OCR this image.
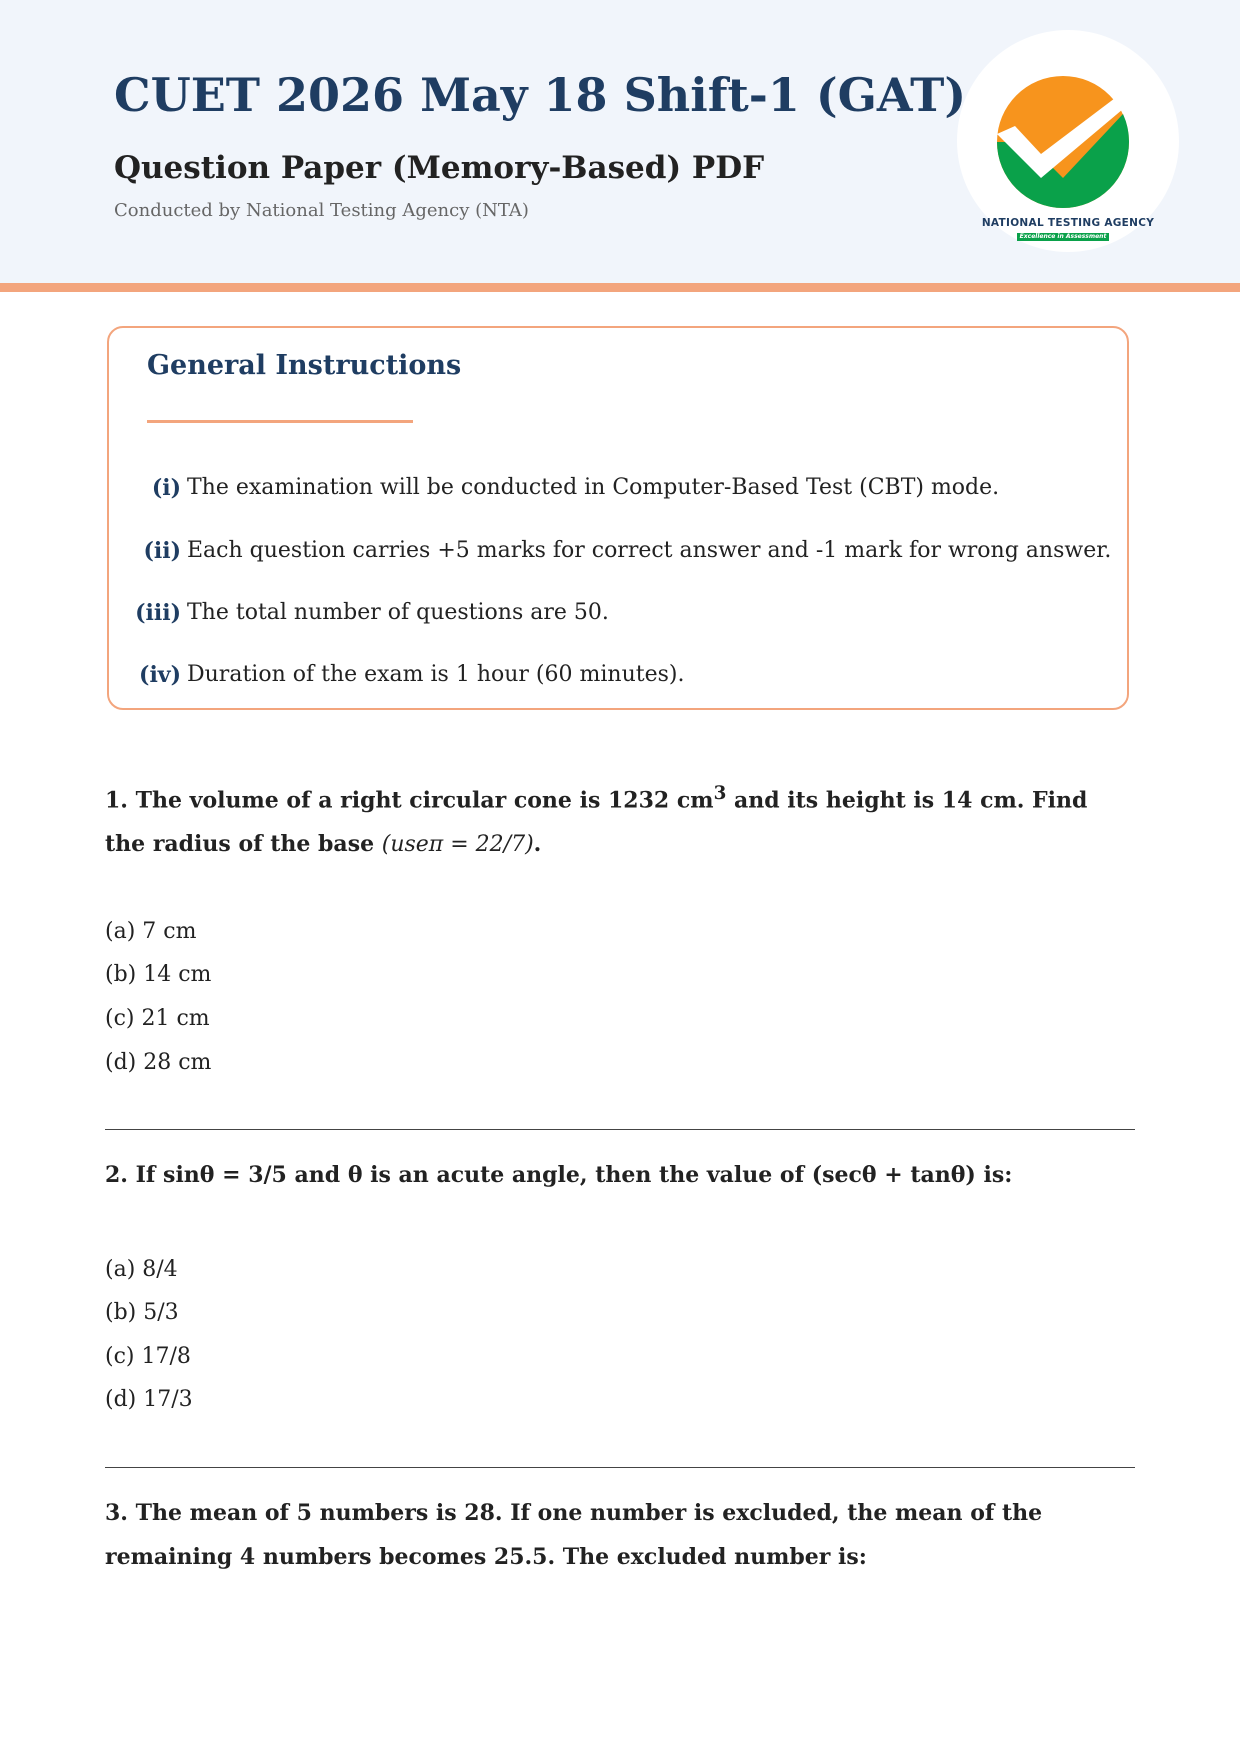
CUET 2026 May 18 Shift-1 (GAT)
Question Paper (Memory-Based) PDF

Conducted by National Testing Agency (NTA)

NATIONAL TESTING AGENCY
Excellence in Assessment
General Instructions
(i) The examination will be conducted in Computer-Based Test (CBT) mode.
(ii) Each question carries +5 marks for correct answer and -1 mark for wrong answer.
(iii) The total number of questions are 50.
(iv) Duration of the exam is 1 hour (60 minutes).

1. The volume of a right circular cone is 1232 $cm^3$ and its height is 14 cm. Find the radius of the base (useπ = 22/7).

(a) 7 cm

(b) 14 cm

(c) 21 cm

(d) 28 cm

2. If sinθ = 3/5 and θ is an acute angle, then the value of (secθ + tanθ) is:

(a) 8/4

(b) 5/3

(c) 17/8

(d) 17/3

3. The mean of 5 numbers is 28. If one number is excluded, the mean of the remaining 4 numbers becomes 25.5. The excluded number is:
